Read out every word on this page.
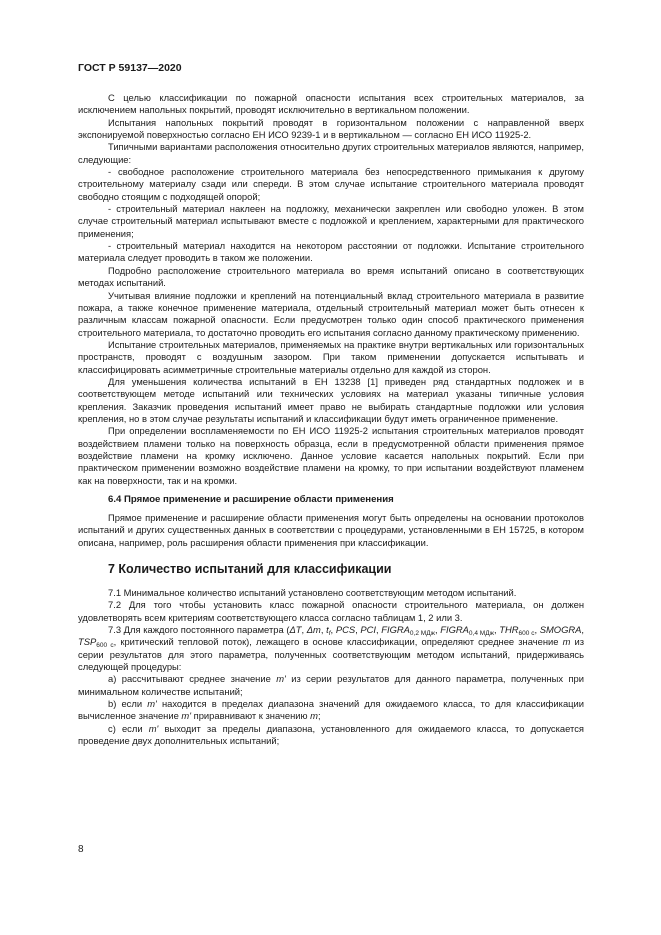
ГОСТ Р 59137—2020

С целью классификации по пожарной опасности испытания всех строительных материалов, за исключением напольных покрытий, проводят исключительно в вертикальном положении.

Испытания напольных покрытий проводят в горизонтальном положении с направленной вверх экспонируемой поверхностью согласно ЕН ИСО 9239-1 и в вертикальном — согласно ЕН ИСО 11925-2.

Типичными вариантами расположения относительно других строительных материалов являются, например, следующие:

- свободное расположение строительного материала без непосредственного примыкания к другому строительному материалу сзади или спереди. В этом случае испытание строительного материала проводят свободно стоящим с подходящей опорой;

- строительный материал наклеен на подложку, механически закреплен или свободно уложен. В этом случае строительный материал испытывают вместе с подложкой и креплением, характерными для практического применения;

- строительный материал находится на некотором расстоянии от подложки. Испытание строительного материала следует проводить в таком же положении.

Подробно расположение строительного материала во время испытаний описано в соответствующих методах испытаний.

Учитывая влияние подложки и креплений на потенциальный вклад строительного материала в развитие пожара, а также конечное применение материала, отдельный строительный материал может быть отнесен к различным классам пожарной опасности. Если предусмотрен только один способ практического применения строительного материала, то достаточно проводить его испытания согласно данному практическому применению.

Испытание строительных материалов, применяемых на практике внутри вертикальных или горизонтальных пространств, проводят с воздушным зазором. При таком применении допускается испытывать и классифицировать асимметричные строительные материалы отдельно для каждой из сторон.

Для уменьшения количества испытаний в ЕН 13238 [1] приведен ряд стандартных подложек и в соответствующем методе испытаний или технических условиях на материал указаны типичные условия крепления. Заказчик проведения испытаний имеет право не выбирать стандартные подложки или условия крепления, но в этом случае результаты испытаний и классификации будут иметь ограниченное применение.

При определении воспламеняемости по ЕН ИСО 11925-2 испытания строительных материалов проводят воздействием пламени только на поверхность образца, если в предусмотренной области применения прямое воздействие пламени на кромку исключено. Данное условие касается напольных покрытий. Если при практическом применении возможно воздействие пламени на кромку, то при испытании воздействуют пламенем как на поверхности, так и на кромки.

6.4 Прямое применение и расширение области применения

Прямое применение и расширение области применения могут быть определены на основании протоколов испытаний и других существенных данных в соответствии с процедурами, установленными в ЕН 15725, в котором описана, например, роль расширения области применения при классификации.

7 Количество испытаний для классификации

7.1 Минимальное количество испытаний установлено соответствующим методом испытаний.

7.2 Для того чтобы установить класс пожарной опасности строительного материала, он должен удовлетворять всем критериям соответствующего класса согласно таблицам 1, 2 или 3.

7.3 Для каждого постоянного параметра (ΔT, Δm, $t_f$, PCS, PCI, $FIGRA_{0,2 МДж}$, $FIGRA_{0,4 МДж}$, $THR_{600 с}$, SMOGRA, $TSP_{600 с}$, критический тепловой поток), лежащего в основе классификации, определяют среднее значение m из серии результатов для этого параметра, полученных соответствующим методом испытаний, придерживаясь следующей процедуры:

a) рассчитывают среднее значение m' из серии результатов для данного параметра, полученных при минимальном количестве испытаний;

b) если m' находится в пределах диапазона значений для ожидаемого класса, то для классификации вычисленное значение m' приравнивают к значению m;

c) если m' выходит за пределы диапазона, установленного для ожидаемого класса, то допускается проведение двух дополнительных испытаний;

8
